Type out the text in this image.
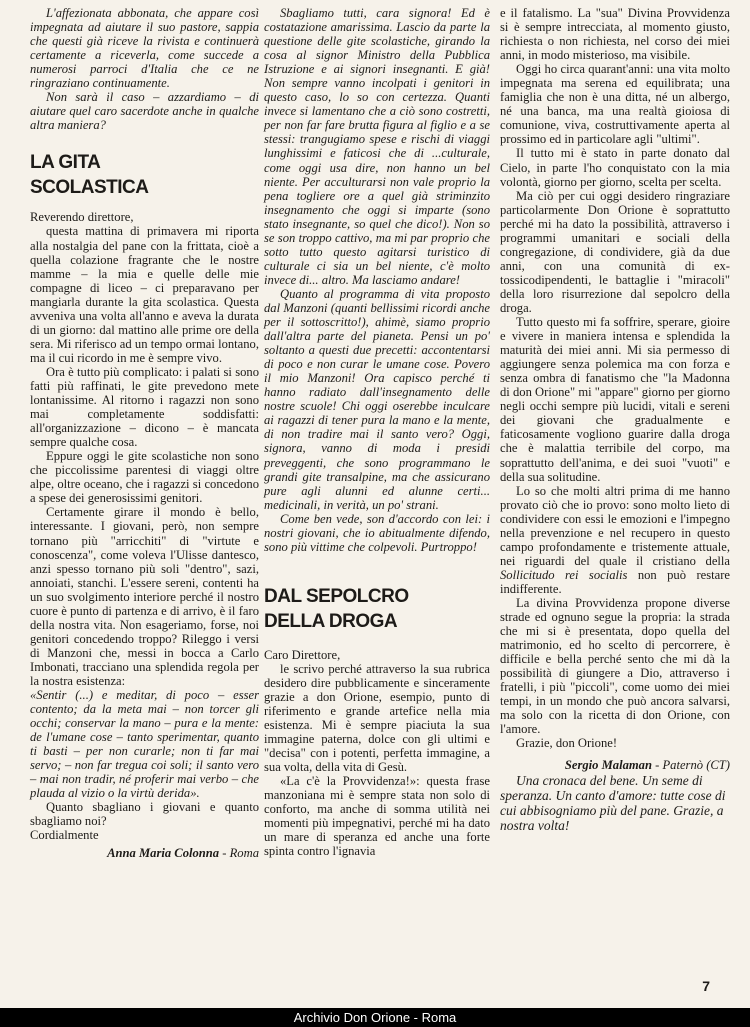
L'affezionata abbonata, che appare così impegnata ad aiutare il suo pastore, sappia che questi già riceve la rivista e continuerà certamente a riceverla, come succede a numerosi parroci d'Italia che ce ne ringraziano continuamente.

Non sarà il caso – azzardiamo – di aiutare quel caro sacerdote anche in qualche altra maniera?

LA GITA
SCOLASTICA

Reverendo direttore,

questa mattina di primavera mi riporta alla nostalgia del pane con la frittata, cioè a quella colazione fragrante che le nostre mamme – la mia e quelle delle mie compagne di liceo – ci preparavano per mangiarla durante la gita scolastica. Questa avveniva una volta all'anno e aveva la durata di un giorno: dal mattino alle prime ore della sera. Mi riferisco ad un tempo ormai lontano, ma il cui ricordo in me è sempre vivo.

Ora è tutto più complicato: i palati si sono fatti più raffinati, le gite prevedono mete lontanissime. Al ritorno i ragazzi non sono mai completamente soddisfatti: all'organizzazione – dicono – è mancata sempre qualche cosa.

Eppure oggi le gite scolastiche non sono che piccolissime parentesi di viaggi oltre alpe, oltre oceano, che i ragazzi si concedono a spese dei generosissimi genitori.

Certamente girare il mondo è bello, interessante. I giovani, però, non sempre tornano più "arricchiti" di "virtute e conoscenza", come voleva l'Ulisse dantesco, anzi spesso tornano più soli "dentro", sazi, annoiati, stanchi. L'essere sereni, contenti ha un suo svolgimento interiore perché il nostro cuore è punto di partenza e di arrivo, è il faro della nostra vita. Non esageriamo, forse, noi genitori concedendo troppo? Rileggo i versi di Manzoni che, messi in bocca a Carlo Imbonati, tracciano una splendida regola per la nostra esistenza:

«Sentir (...) e meditar, di poco – esser contento; da la meta mai – non torcer gli occhi; conservar la mano – pura e la mente: de l'umane cose – tanto sperimentar, quanto ti basti – per non curarle; non ti far mai servo; – non far tregua coi soli; il santo vero – mai non tradir, né proferir mai verbo – che plauda al vizio o la virtù derida».

Quanto sbagliano i giovani e quanto sbagliamo noi?

Cordialmente

Anna Maria Colonna - Roma

Sbagliamo tutti, cara signora! Ed è costatazione amarissima. Lascio da parte la questione delle gite scolastiche, girando la cosa al signor Ministro della Pubblica Istruzione e ai signori insegnanti. E già! Non sempre vanno incolpati i genitori in questo caso, lo so con certezza. Quanti invece si lamentano che a ciò sono costretti, per non far fare brutta figura al figlio e a se stessi: trangugiamo spese e rischi di viaggi lunghissimi e faticosi che di ...culturale, come oggi usa dire, non hanno un bel niente. Per acculturarsi non vale proprio la pena togliere ore a quel già striminzito insegnamento che oggi si imparte (sono stato insegnante, so quel che dico!). Non so se son troppo cattivo, ma mi par proprio che sotto tutto questo agitarsi turistico di culturale ci sia un bel niente, c'è molto invece di... altro. Ma lasciamo andare!

Quanto al programma di vita proposto dal Manzoni (quanti bellissimi ricordi anche per il sottoscritto!), ahimè, siamo proprio dall'altra parte del pianeta. Pensi un po' soltanto a questi due precetti: accontentarsi di poco e non curar le umane cose. Povero il mio Manzoni! Ora capisco perché ti hanno radiato dall'insegnamento delle nostre scuole! Chi oggi oserebbe inculcare ai ragazzi di tener pura la mano e la mente, di non tradire mai il santo vero? Oggi, signora, vanno di moda i presidi preveggenti, che sono programmano le grandi gite transalpine, ma che assicurano pure agli alunni ed alunne certi... medicinali, in verità, un po' strani.

Come ben vede, son d'accordo con lei: i nostri giovani, che io abitualmente difendo, sono più vittime che colpevoli. Purtroppo!

DAL SEPOLCRO
DELLA DROGA

Caro Direttore,

le scrivo perché attraverso la sua rubrica desidero dire pubblicamente e sinceramente grazie a don Orione, esempio, punto di riferimento e grande artefice nella mia esistenza. Mi è sempre piaciuta la sua immagine paterna, dolce con gli ultimi e "decisa" con i potenti, perfetta immagine, a sua volta, della vita di Gesù.

«La c'è la Provvidenza!»: questa frase manzoniana mi è sempre stata non solo di conforto, ma anche di somma utilità nei momenti più impegnativi, perché mi ha dato un mare di speranza ed anche una forte spinta contro l'ignavia

e il fatalismo. La "sua" Divina Provvidenza si è sempre intrecciata, al momento giusto, richiesta o non richiesta, nel corso dei miei anni, in modo misterioso, ma visibile.

Oggi ho circa quarant'anni: una vita molto impegnata ma serena ed equilibrata; una famiglia che non è una ditta, né un albergo, né una banca, ma una realtà gioiosa di comunione, viva, costruttivamente aperta al prossimo ed in particolare agli "ultimi".

Il tutto mi è stato in parte donato dal Cielo, in parte l'ho conquistato con la mia volontà, giorno per giorno, scelta per scelta.

Ma ciò per cui oggi desidero ringraziare particolarmente Don Orione è soprattutto perché mi ha dato la possibilità, attraverso i programmi umanitari e sociali della congregazione, di condividere, già da due anni, con una comunità di ex-tossicodipendenti, le battaglie i "miracoli" della loro risurrezione dal sepolcro della droga.

Tutto questo mi fa soffrire, sperare, gioire e vivere in maniera intensa e splendida la maturità dei miei anni. Mi sia permesso di aggiungere senza polemica ma con forza e senza ombra di fanatismo che "la Madonna di don Orione" mi "appare" giorno per giorno negli occhi sempre più lucidi, vitali e sereni dei giovani che gradualmente e faticosamente vogliono guarire dalla droga che è malattia terribile del corpo, ma soprattutto dell'anima, e dei suoi "vuoti" e della sua solitudine.

Lo so che molti altri prima di me hanno provato ciò che io provo: sono molto lieto di condividere con essi le emozioni e l'impegno nella prevenzione e nel recupero in questo campo profondamente e tristemente attuale, nei riguardi del quale il cristiano della Sollicitudo rei socialis non può restare indifferente.

La divina Provvidenza propone diverse strade ed ognuno segue la propria: la strada che mi si è presentata, dopo quella del matrimonio, ed ho scelto di percorrere, è difficile e bella perché sento che mi dà la possibilità di giungere a Dio, attraverso i fratelli, i più "piccoli", come uomo dei miei tempi, in un mondo che può ancora salvarsi, ma solo con la ricetta di don Orione, con l'amore.

Grazie, don Orione!

Sergio Malaman - Paternò (CT)

Una cronaca del bene. Un seme di speranza. Un canto d'amore: tutte cose di cui abbisogniamo più del pane. Grazie, a nostra volta!

7
Archivio Don Orione - Roma
